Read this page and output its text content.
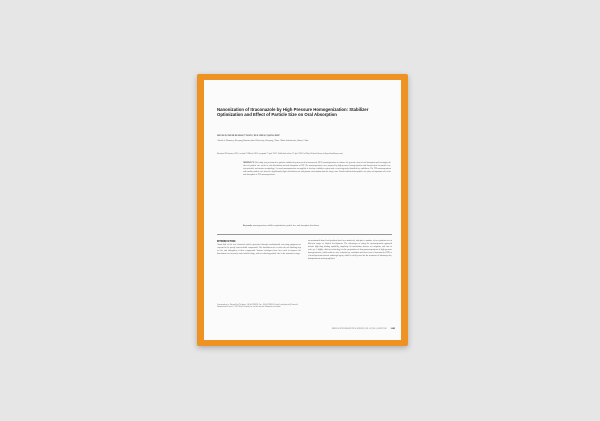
Nanonization of Itraconazole by High Pressure Homogenization: Stabilizer Optimization and Effect of Particle Size on Oral Absorption
WEI SUN,¹ WENLEI MAO,¹² YI WU,¹ XUE CHEN,¹ QIANG RUI¹
¹School of Pharmacy, Shenyang Pharmaceutical University, Shenyang, China. ²Yabao Laboratories, Shanxi, China
Received 26 January 2013; revised 21 March 2013; accepted 7 April 2013. Published online 23 April 2013 in Wiley Online Library (wileyonlinelibrary.com).
ABSTRACT: This study was performed to optimize stabilized systems used in itraconazole (ITZ) nanosuspensions to enhance the general extent of oral absorption and investigate the effect of particle size on the in vitro dissolution and oral absorption of ITZ. The nanosuspensions were prepared by high pressure homogenization and characterized for particle size, zeta potential, and surface morphology. A second nanosuspension was applied to develop a stabilizer system and a screening study identified key stabilizers. The ITZ nanosuspensions with smaller particle size showed a significantly higher dissolution rate and plasma concentration than the larger ones. Results indicated that particle size plays an important role in the oral absorption of ITZ nanosuspensions.
Keywords: nanosuspensions; stabilizer optimization; particle size; oral absorption; dissolution
INTRODUCTION
About half of the new chemical entities generated through combinatorial screening programs are expected to be poorly water-soluble compounds. The dissolution rate is often the rate-limiting step for the oral absorption of these compounds. Various techniques have been used to improve the dissolution rate of poorly water-soluble drugs, such as reducing particle size to the nanometer range.
an unsaturated-based oral products have been marketed, and quite a number of new products are in different stages of clinical development. The advantages of using the nanosuspension approach include high drug loading capability, simplicity of formulation, absence of excipients, and ease of scale up. A highly efficient technology for the preparation of drug nanosuspensions is high pressure homogenization, which achieves size reduction by cavitation and shear forces. Itraconazole (ITZ) is a broad-spectrum triazole antifungal agent, which is widely used for the treatment of blastomycosis, histoplasmosis and aspergillosis.
Correspondence to: Xiaoyan Ren (Telephone: +86-24-23986230; Fax: +86-24-23986230; E-mail: [email protected]) Journal of Pharmaceutical Sciences © 2013 Wiley Periodicals, Inc. and the American Pharmacists Association
JOURNAL OF PHARMACEUTICAL SCIENCES, VOL. 102, NO. 8, AUGUST 2013 2489
